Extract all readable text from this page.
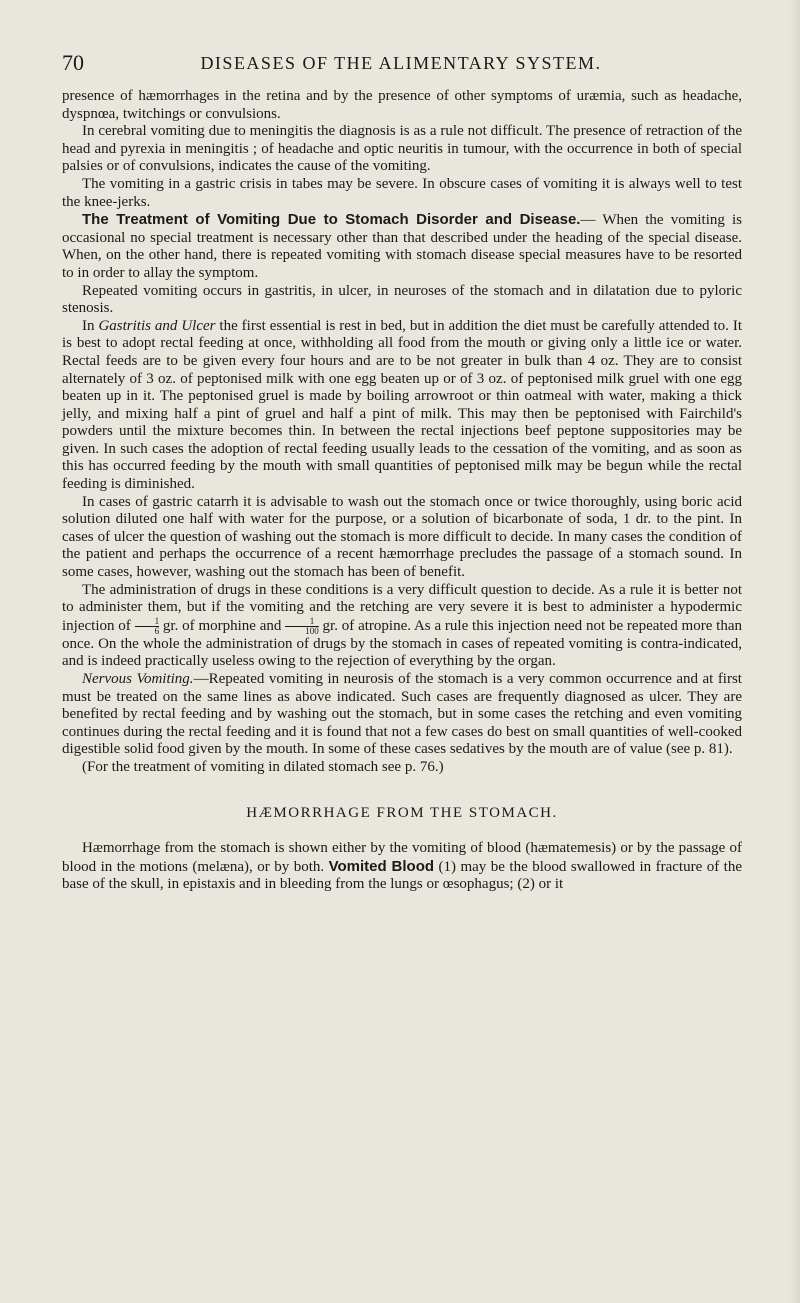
70	DISEASES OF THE ALIMENTARY SYSTEM.

presence of hæmorrhages in the retina and by the presence of other symptoms of uræmia, such as headache, dyspnœa, twitchings or convulsions.

In cerebral vomiting due to meningitis the diagnosis is as a rule not difficult. The presence of retraction of the head and pyrexia in meningitis ; of headache and optic neuritis in tumour, with the occurrence in both of special palsies or of convulsions, indicates the cause of the vomiting.

The vomiting in a gastric crisis in tabes may be severe. In obscure cases of vomiting it is always well to test the knee-jerks.

The Treatment of Vomiting Due to Stomach Disorder and Disease.— When the vomiting is occasional no special treatment is necessary other than that described under the heading of the special disease. When, on the other hand, there is repeated vomiting with stomach disease special measures have to be resorted to in order to allay the symptom.

Repeated vomiting occurs in gastritis, in ulcer, in neuroses of the stomach and in dilatation due to pyloric stenosis.

In Gastritis and Ulcer the first essential is rest in bed, but in addition the diet must be carefully attended to. It is best to adopt rectal feeding at once, withholding all food from the mouth or giving only a little ice or water. Rectal feeds are to be given every four hours and are to be not greater in bulk than 4 oz. They are to consist alternately of 3 oz. of peptonised milk with one egg beaten up or of 3 oz. of peptonised milk gruel with one egg beaten up in it. The peptonised gruel is made by boiling arrowroot or thin oatmeal with water, making a thick jelly, and mixing half a pint of gruel and half a pint of milk. This may then be peptonised with Fairchild's powders until the mixture becomes thin. In between the rectal injections beef peptone suppositories may be given. In such cases the adoption of rectal feeding usually leads to the cessation of the vomiting, and as soon as this has occurred feeding by the mouth with small quantities of peptonised milk may be begun while the rectal feeding is diminished.

In cases of gastric catarrh it is advisable to wash out the stomach once or twice thoroughly, using boric acid solution diluted one half with water for the purpose, or a solution of bicarbonate of soda, 1 dr. to the pint. In cases of ulcer the question of washing out the stomach is more difficult to decide. In many cases the condition of the patient and perhaps the occurrence of a recent hæmorrhage precludes the passage of a stomach sound. In some cases, however, washing out the stomach has been of benefit.

The administration of drugs in these conditions is a very difficult question to decide. As a rule it is better not to administer them, but if the vomiting and the retching are very severe it is best to administer a hypodermic injection of $\frac{1}{6}$ gr. of morphine and $\frac{1}{100}$ gr. of atropine. As a rule this injection need not be repeated more than once. On the whole the administration of drugs by the stomach in cases of repeated vomiting is contra-indicated, and is indeed practically useless owing to the rejection of everything by the organ.

Nervous Vomiting.—Repeated vomiting in neurosis of the stomach is a very common occurrence and at first must be treated on the same lines as above indicated. Such cases are frequently diagnosed as ulcer. They are benefited by rectal feeding and by washing out the stomach, but in some cases the retching and even vomiting continues during the rectal feeding and it is found that not a few cases do best on small quantities of well-cooked digestible solid food given by the mouth. In some of these cases sedatives by the mouth are of value (see p. 81).

(For the treatment of vomiting in dilated stomach see p. 76.)

HÆMORRHAGE FROM THE STOMACH.

Hæmorrhage from the stomach is shown either by the vomiting of blood (hæmatemesis) or by the passage of blood in the motions (melæna), or by both. Vomited Blood (1) may be the blood swallowed in fracture of the base of the skull, in epistaxis and in bleeding from the lungs or œsophagus; (2) or it
